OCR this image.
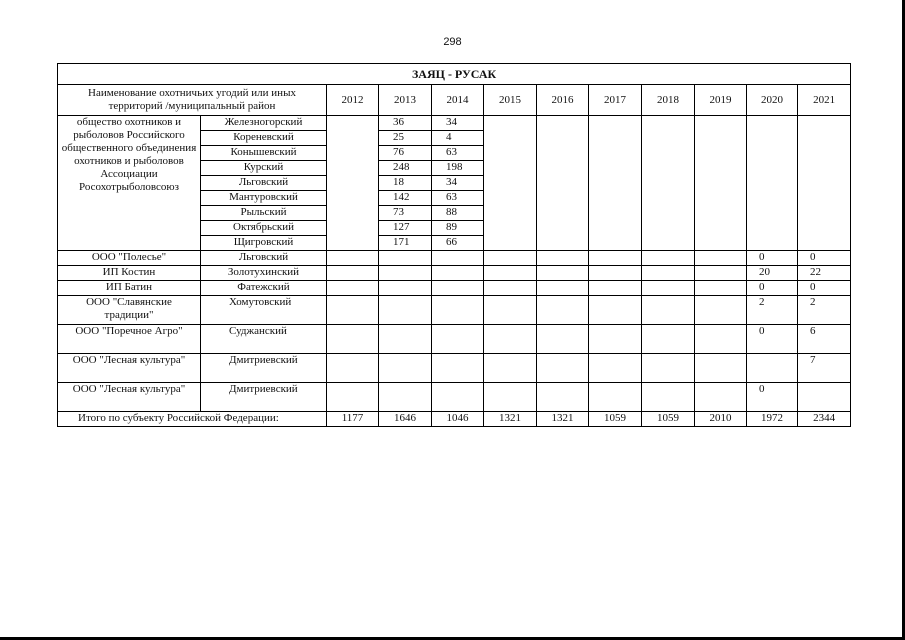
298
ЗАЯЦ - РУСАК											
Наименование охотничьих угодий или иных территорий /муниципальный район		2012	2013	2014	2015	2016	2017	2018	2019	2020	2021
общество охотников и рыболовов Российского общественного объединения охотников и рыболовов Ассоциации Росохотрыболовсоюз	Железногорский		36	34							
	Кореневский		25	4							
	Конышевский		76	63							
	Курский		248	198							
	Льговский		18	34							
	Мантуровский		142	63							
	Рыльский		73	88							
	Октябрьский		127	89							
	Щигровский		171	66							
ООО "Полесье"	Льговский									0	0
ИП Костин	Золотухинский									20	22
ИП Батин	Фатежский									0	0
ООО "Славянские традиции"	Хомутовский									2	2
ООО "Поречное Агро"	Суджанский									0	6
ООО "Лесная культура"	Дмитриевский										7
ООО "Лесная культура"	Дмитриевский									0	
Итого по субъекту Российской Федерации:		1177	1646	1046	1321	1321	1059	1059	2010	1972	2344
